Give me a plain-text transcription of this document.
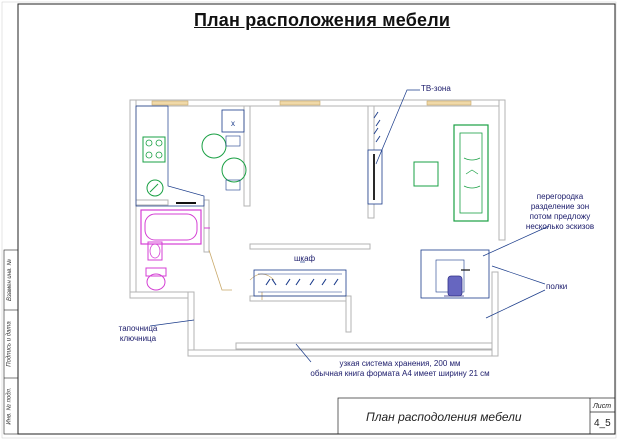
x
План расположения мебели
ТВ-зона
перегородка
разделение зон
потом предложу
несколько эскизов
шкаф
полки
тапочница
ключница
узкая система хранения, 200 мм
обычная книга формата А4 имеет ширину 21 см
Взамен инв. №
Подпись и дата
Инв. № подл.	План расподоления мебели
Лист
4_5
